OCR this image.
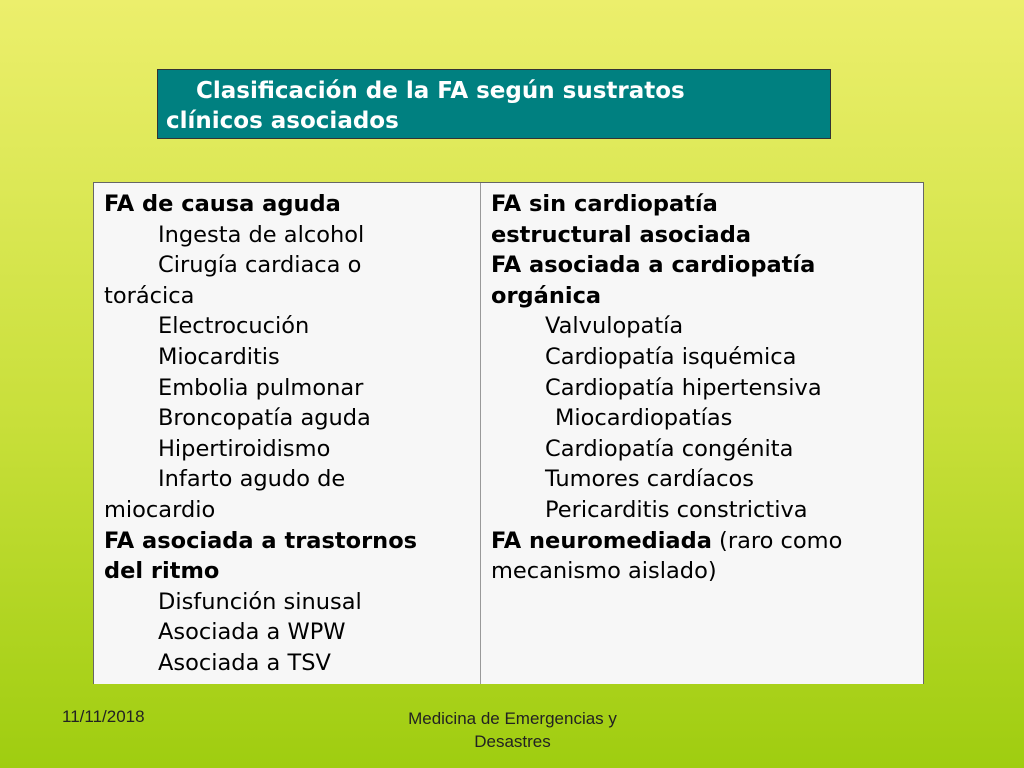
Clasificación de la FA según sustratos
clínicos asociados
FA de causa aguda
Ingesta de alcohol
Cirugía cardiaca o
torácica
Electrocución
Miocarditis
Embolia pulmonar
Broncopatía aguda
Hipertiroidismo
Infarto agudo de
miocardio
FA asociada a trastornos
del ritmo
Disfunción sinusal
Asociada a WPW
Asociada a TSV
FA sin cardiopatía
estructural asociada
FA asociada a cardiopatía
orgánica
Valvulopatía
Cardiopatía isquémica
Cardiopatía hipertensiva
Miocardiopatías
Cardiopatía congénita
Tumores cardíacos
Pericarditis constrictiva
FA neuromediada (raro como
mecanismo aislado)
11/11/2018	Medicina de Emergencias y
Desastres
